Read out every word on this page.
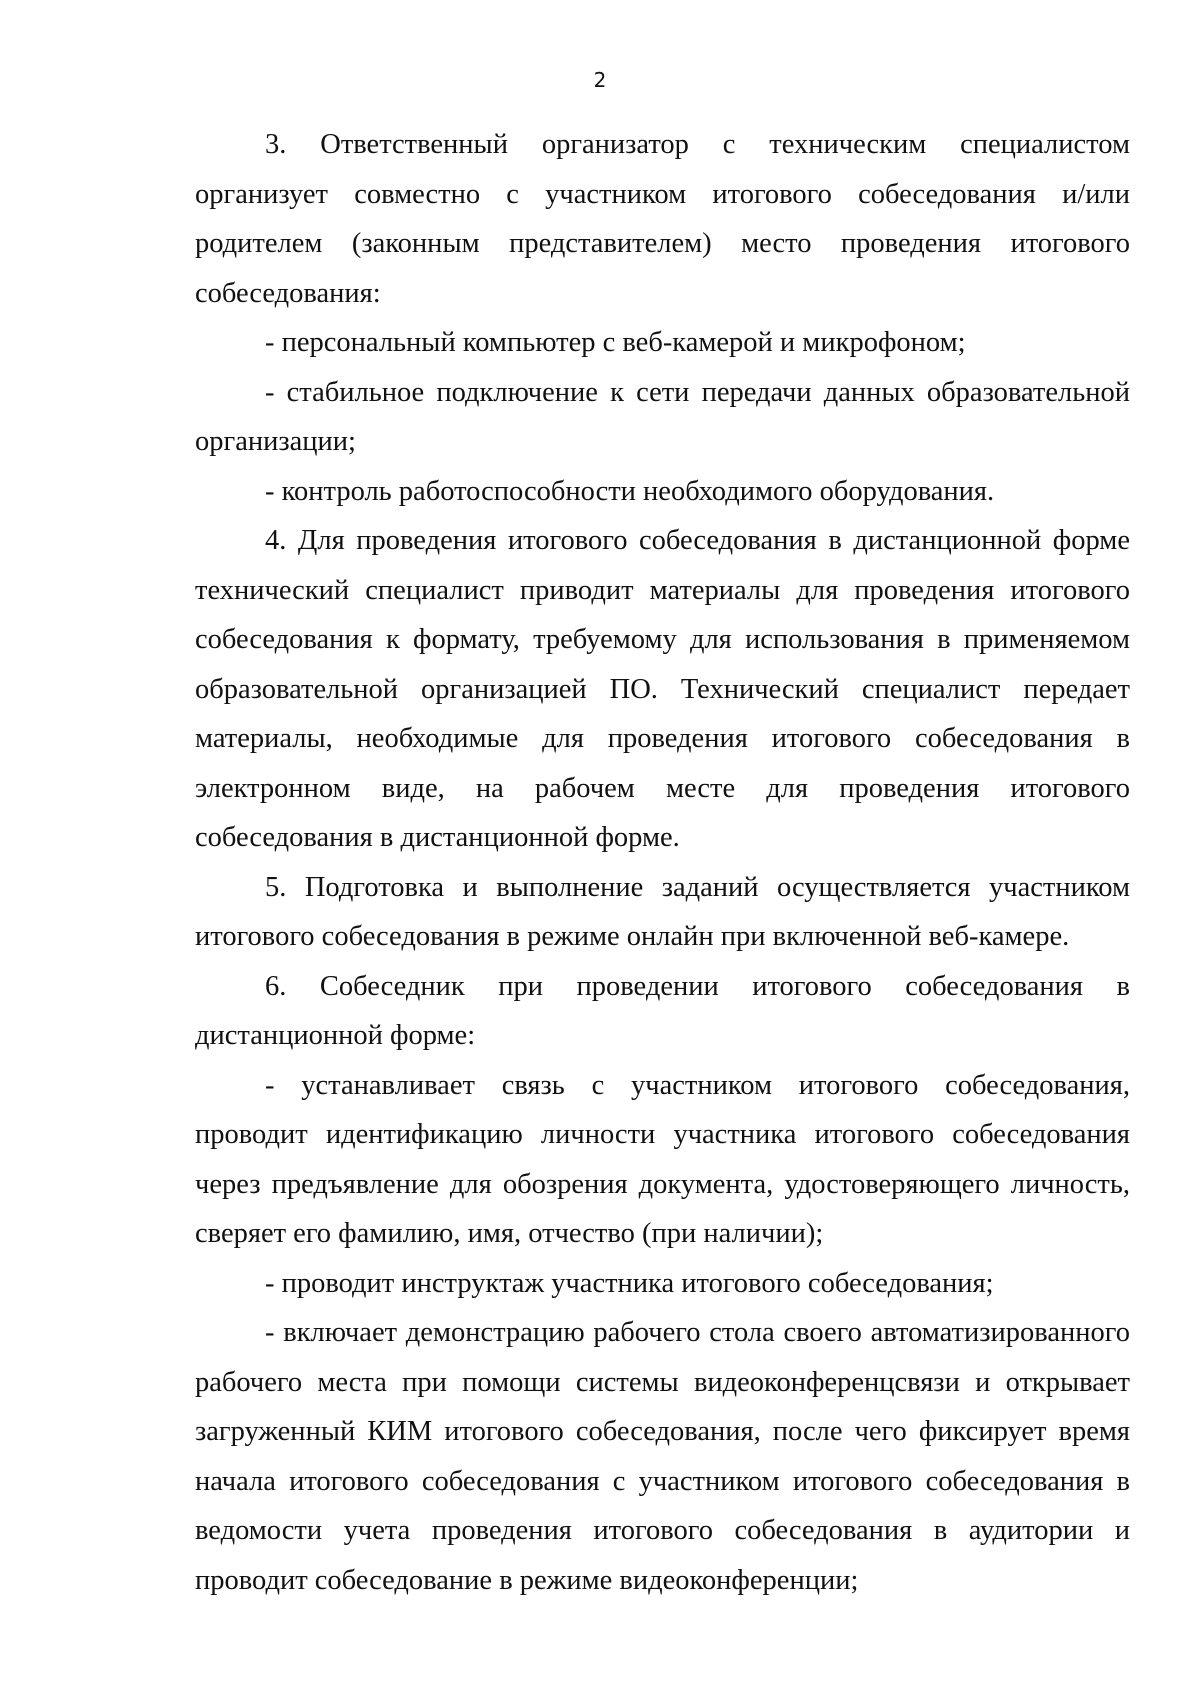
2

3. Ответственный организатор с техническим специалистом организует совместно с участником итогового собеседования и/или родителем (законным представителем) место проведения итогового собеседования:

- персональный компьютер с веб-камерой и микрофоном;

- стабильное подключение к сети передачи данных образовательной организации;

- контроль работоспособности необходимого оборудования.

4. Для проведения итогового собеседования в дистанционной форме технический специалист приводит материалы для проведения итогового собеседования к формату, требуемому для использования в применяемом образовательной организацией ПО. Технический специалист передает материалы, необходимые для проведения итогового собеседования в электронном виде, на рабочем месте для проведения итогового собеседования в дистанционной форме.

5. Подготовка и выполнение заданий осуществляется участником итогового собеседования в режиме онлайн при включенной веб-камере.

6. Собеседник при проведении итогового собеседования в дистанционной форме:

- устанавливает связь с участником итогового собеседования, проводит идентификацию личности участника итогового собеседования через предъявление для обозрения документа, удостоверяющего личность, сверяет его фамилию, имя, отчество (при наличии);

- проводит инструктаж участника итогового собеседования;

- включает демонстрацию рабочего стола своего автоматизированного рабочего места при помощи системы видеоконференцсвязи и открывает загруженный КИМ итогового собеседования, после чего фиксирует время начала итогового собеседования с участником итогового собеседования в ведомости учета проведения итогового собеседования в аудитории и проводит собеседование в режиме видеоконференции;
